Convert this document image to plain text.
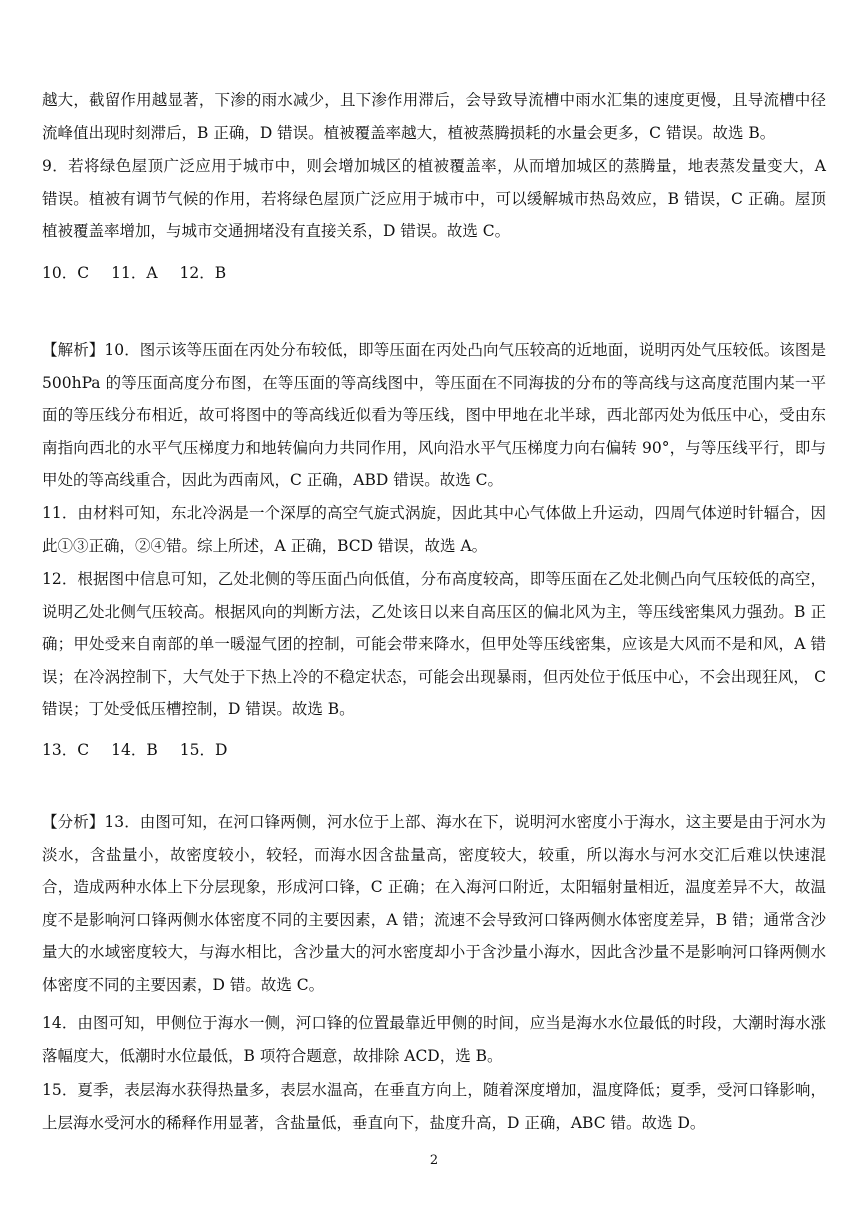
越大，截留作用越显著，下渗的雨水减少，且下渗作用滞后，会导致导流槽中雨水汇集的速度更慢，且导流槽中径流峰值出现时刻滞后，B 正确，D 错误。植被覆盖率越大，植被蒸腾损耗的水量会更多，C 错误。故选 B。

9．若将绿色屋顶广泛应用于城市中，则会增加城区的植被覆盖率，从而增加城区的蒸腾量，地表蒸发量变大，A 错误。植被有调节气候的作用，若将绿色屋顶广泛应用于城市中，可以缓解城市热岛效应，B 错误，C 正确。屋顶植被覆盖率增加，与城市交通拥堵没有直接关系，D 错误。故选 C。

10．C 11．A 12．B

【解析】10．图示该等压面在丙处分布较低，即等压面在丙处凸向气压较高的近地面，说明丙处气压较低。该图是 500hPa 的等压面高度分布图，在等压面的等高线图中，等压面在不同海拔的分布的等高线与这高度范围内某一平面的等压线分布相近，故可将图中的等高线近似看为等压线，图中甲地在北半球，西北部丙处为低压中心，受由东南指向西北的水平气压梯度力和地转偏向力共同作用，风向沿水平气压梯度力向右偏转 90°，与等压线平行，即与甲处的等高线重合，因此为西南风，C 正确，ABD 错误。故选 C。

11．由材料可知，东北冷涡是一个深厚的高空气旋式涡旋，因此其中心气体做上升运动，四周气体逆时针辐合，因此①③正确，②④错。综上所述，A 正确，BCD 错误，故选 A。

12．根据图中信息可知，乙处北侧的等压面凸向低值，分布高度较高，即等压面在乙处北侧凸向气压较低的高空，说明乙处北侧气压较高。根据风向的判断方法，乙处该日以来自高压区的偏北风为主，等压线密集风力强劲。B 正确；甲处受来自南部的单一暖湿气团的控制，可能会带来降水，但甲处等压线密集，应该是大风而不是和风，A 错误；在冷涡控制下，大气处于下热上冷的不稳定状态，可能会出现暴雨，但丙处位于低压中心，不会出现狂风， C 错误；丁处受低压槽控制，D 错误。故选 B。

13．C 14．B 15．D

【分析】13．由图可知，在河口锋两侧，河水位于上部、海水在下，说明河水密度小于海水，这主要是由于河水为淡水，含盐量小，故密度较小，较轻，而海水因含盐量高，密度较大，较重，所以海水与河水交汇后难以快速混合，造成两种水体上下分层现象，形成河口锋，C 正确；在入海河口附近，太阳辐射量相近，温度差异不大，故温度不是影响河口锋两侧水体密度不同的主要因素，A 错；流速不会导致河口锋两侧水体密度差异，B 错；通常含沙量大的水域密度较大，与海水相比，含沙量大的河水密度却小于含沙量小海水，因此含沙量不是影响河口锋两侧水体密度不同的主要因素，D 错。故选 C。

14．由图可知，甲侧位于海水一侧，河口锋的位置最靠近甲侧的时间，应当是海水水位最低的时段，大潮时海水涨落幅度大，低潮时水位最低，B 项符合题意，故排除 ACD，选 B。

15．夏季，表层海水获得热量多，表层水温高，在垂直方向上，随着深度增加，温度降低；夏季，受河口锋影响，上层海水受河水的稀释作用显著，含盐量低，垂直向下，盐度升高，D 正确，ABC 错。故选 D。

2
